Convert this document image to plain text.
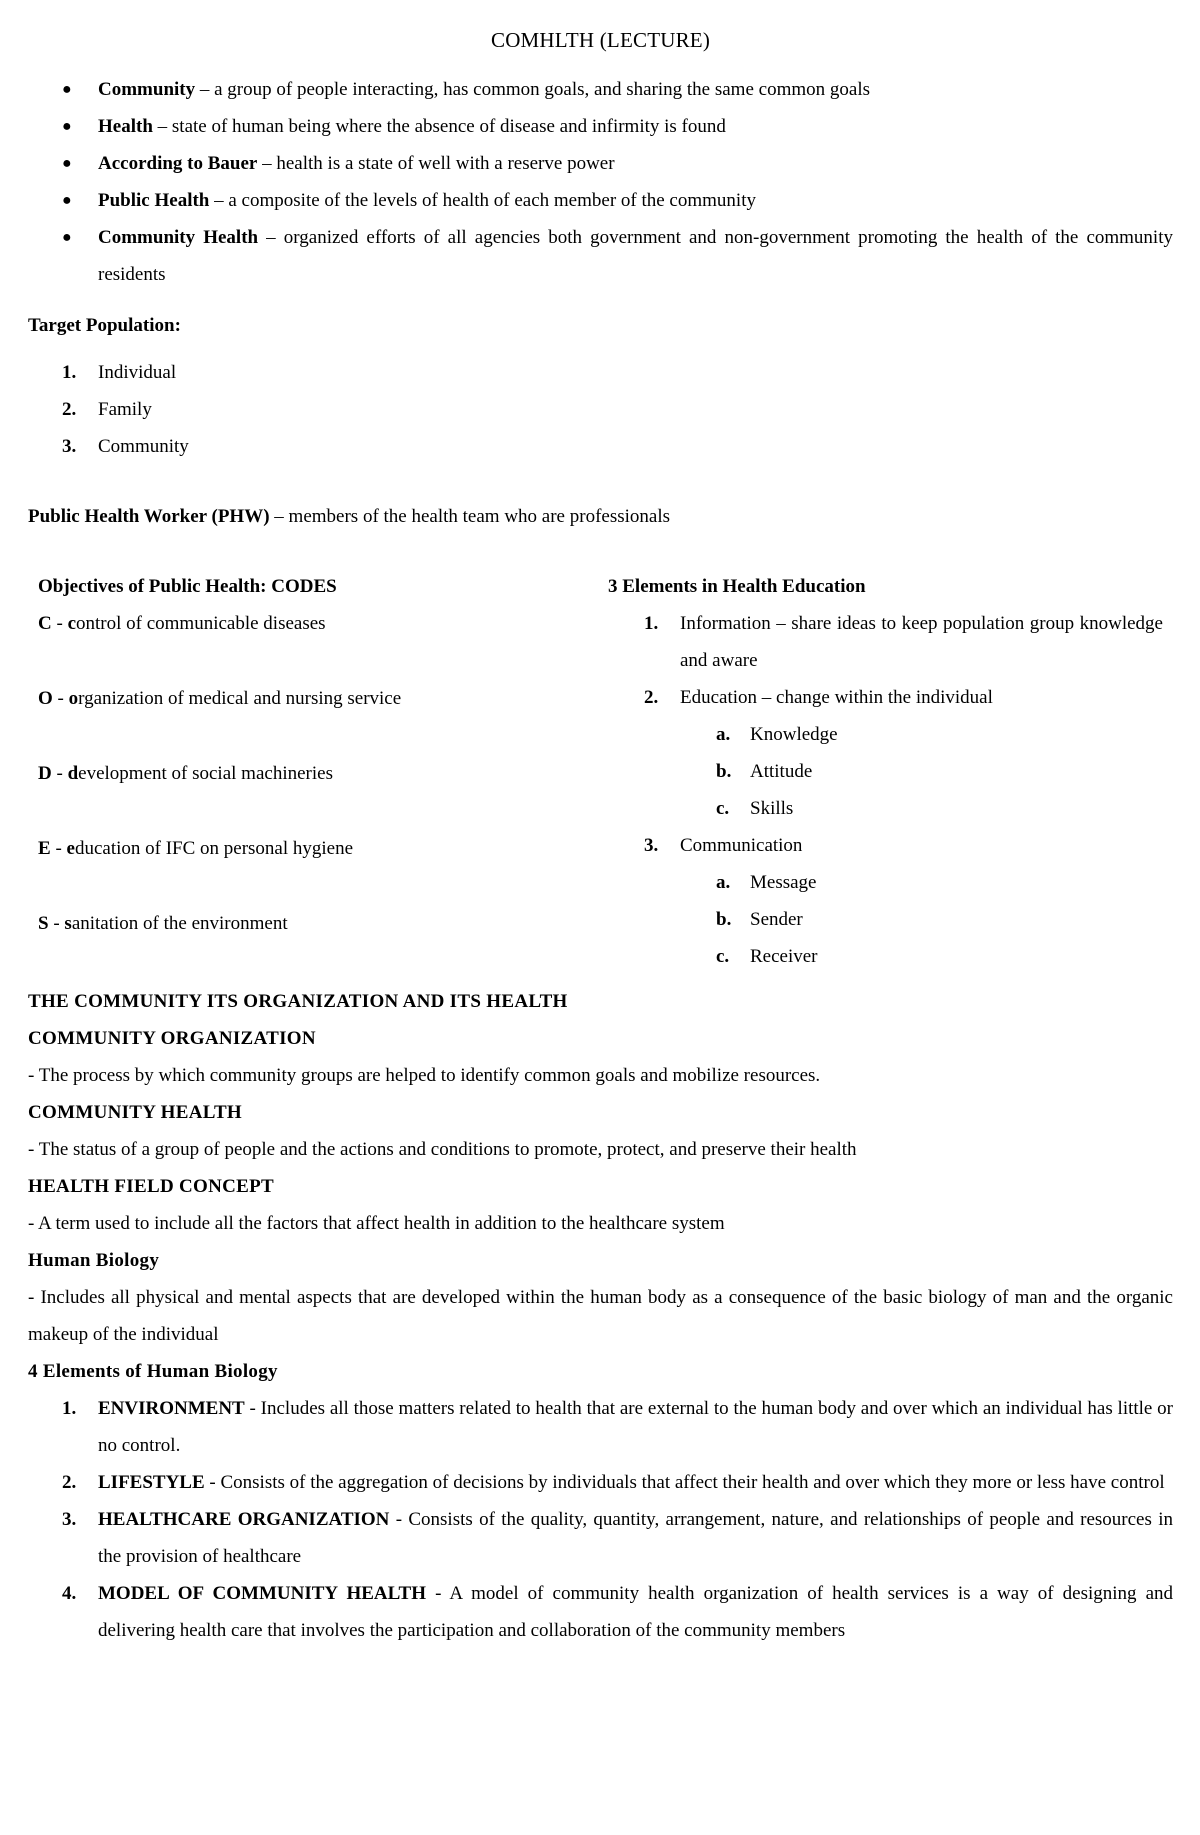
COMHLTH (LECTURE)
● Community – a group of people interacting, has common goals, and sharing the same common goals
● Health – state of human being where the absence of disease and infirmity is found
● According to Bauer – health is a state of well with a reserve power
● Public Health – a composite of the levels of health of each member of the community
● Community Health – organized efforts of all agencies both government and non-government promoting the health of the community residents
Target Population:
1. Individual
2. Family
3. Community
Public Health Worker (PHW) – members of the health team who are professionals
Objectives of Public Health: CODES
C - control of communicable diseases
O - organization of medical and nursing service
D - development of social machineries
E - education of IFC on personal hygiene
S - sanitation of the environment
3 Elements in Health Education
1. Information – share ideas to keep population group knowledge and aware
2. Education – change within the individual
a. Knowledge
b. Attitude
c. Skills
3. Communication
a. Message
b. Sender
c. Receiver
THE COMMUNITY ITS ORGANIZATION AND ITS HEALTH
COMMUNITY ORGANIZATION
- The process by which community groups are helped to identify common goals and mobilize resources.
COMMUNITY HEALTH
- The status of a group of people and the actions and conditions to promote, protect, and preserve their health
HEALTH FIELD CONCEPT
- A term used to include all the factors that affect health in addition to the healthcare system
Human Biology
- Includes all physical and mental aspects that are developed within the human body as a consequence of the basic biology of man and the organic makeup of the individual
4 Elements of Human Biology
1. ENVIRONMENT - Includes all those matters related to health that are external to the human body and over which an individual has little or no control.
2. LIFESTYLE - Consists of the aggregation of decisions by individuals that affect their health and over which they more or less have control
3. HEALTHCARE ORGANIZATION - Consists of the quality, quantity, arrangement, nature, and relationships of people and resources in the provision of healthcare
4. MODEL OF COMMUNITY HEALTH - A model of community health organization of health services is a way of designing and delivering health care that involves the participation and collaboration of the community members
